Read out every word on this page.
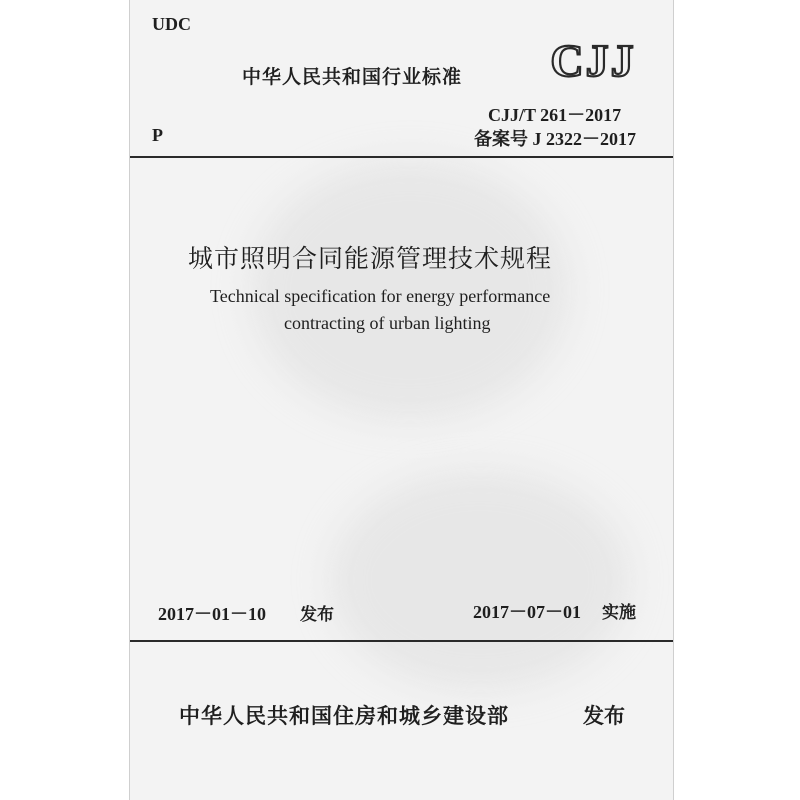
UDC
中华人民共和国行业标准 CJJ
CJJ/T 261－2017
P	备案号 J 2322－2017
城市照明合同能源管理技术规程
Technical specification for energy performance
contracting of urban lighting
2017－01－10 发布	2017－07－01 实施
中华人民共和国住房和城乡建设部	发布
